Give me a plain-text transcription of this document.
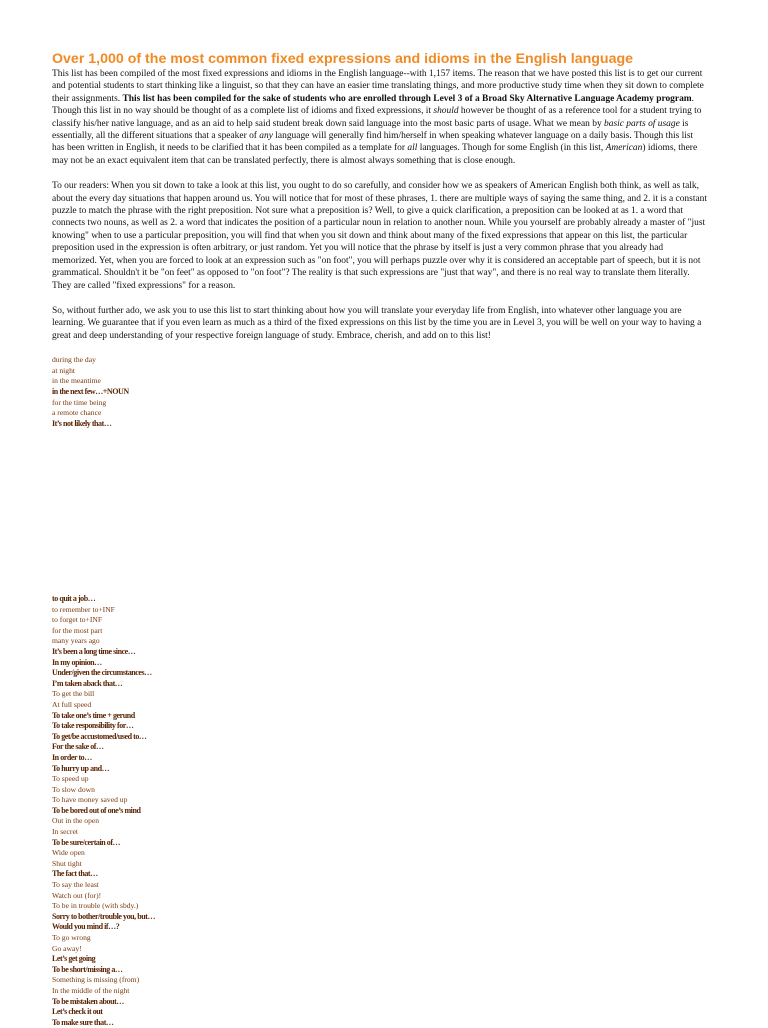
Over 1,000 of the most common fixed expressions and idioms in the English language

This list has been compiled of the most fixed expressions and idioms in the English language--with 1,157 items. The reason that we have posted this list is to get our current and potential students to start thinking like a linguist, so that they can have an easier time translating things, and more productive study time when they sit down to complete their assignments. This list has been compiled for the sake of students who are enrolled through Level 3 of a Broad Sky Alternative Language Academy program. Though this list in no way should be thought of as a complete list of idioms and fixed expressions, it should however be thought of as a reference tool for a student trying to classify his/her native language, and as an aid to help said student break down said language into the most basic parts of usage. What we mean by basic parts of usage is essentially, all the different situations that a speaker of any language will generally find him/herself in when speaking whatever language on a daily basis. Though this list has been written in English, it needs to be clarified that it has been compiled as a template for all languages. Though for some English (in this list, American) idioms, there may not be an exact equivalent item that can be translated perfectly, there is almost always something that is close enough.

To our readers: When you sit down to take a look at this list, you ought to do so carefully, and consider how we as speakers of American English both think, as well as talk, about the every day situations that happen around us. You will notice that for most of these phrases, 1. there are multiple ways of saying the same thing, and 2. it is a constant puzzle to match the phrase with the right preposition. Not sure what a preposition is? Well, to give a quick clarification, a preposition can be looked at as 1. a word that connects two nouns, as well as 2. a word that indicates the position of a particular noun in relation to another noun. While you yourself are probably already a master of "just knowing" when to use a particular preposition, you will find that when you sit down and think about many of the fixed expressions that appear on this list, the particular preposition used in the expression is often arbitrary, or just random. Yet you will notice that the phrase by itself is just a very common phrase that you already had memorized. Yet, when you are forced to look at an expression such as "on foot", you will perhaps puzzle over why it is considered an acceptable part of speech, but it is not grammatical. Shouldn't it be "on feet" as opposed to "on foot"? The reality is that such expressions are "just that way", and there is no real way to translate them literally. They are called "fixed expressions" for a reason.

So, without further ado, we ask you to use this list to start thinking about how you will translate your everyday life from English, into whatever other language you are learning. We guarantee that if you even learn as much as a third of the fixed expressions on this list by the time you are in Level 3, you will be well on your way to having a great and deep understanding of your respective foreign language of study. Embrace, cherish, and add on to this list!

during the day
at night
in the meantime
in the next few…+NOUN
for the time being
a remote chance
It’s not likely that…
to quit a job…
to remember to+INF
to forget to+INF
for the most part
many years ago
It’s been a long time since…
In my opinion…
Under/given the circumstances…
I’m taken aback that…
To get the bill
At full speed
To take one’s time + gerund
To take responsibility for…
To get/be accustomed/used to…
For the sake of…
In order to…
To hurry up and…
To speed up
To slow down
To have money saved up
To be bored out of one’s mind
Out in the open
In secret
To be sure/certain of…
Wide open
Shut tight
The fact that…
To say the least
Watch out (for)!
To be in trouble (with sbdy.)
Sorry to bother/trouble you, but…
Would you mind if…?
To go wrong
Go away!
Let’s get going
To be short/missing a…
Something is missing (from)
In the middle of the night
To be mistaken about…
Let’s check it out
To make sure that…
